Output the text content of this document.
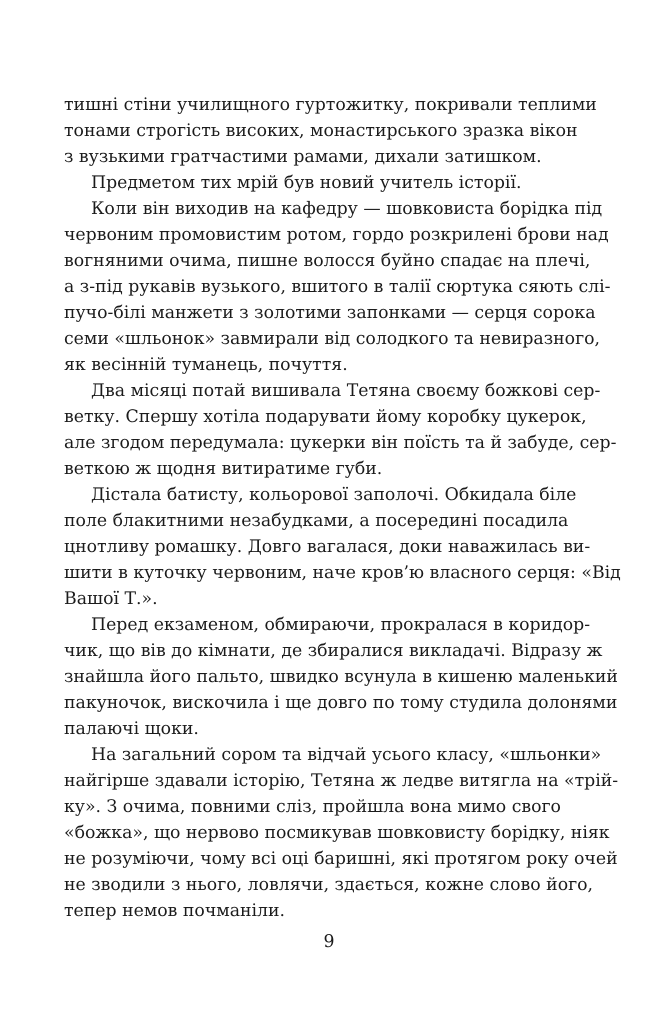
тишні стіни училищного гуртожитку, покривали теплими
тонами строгість високих, монастирського зразка вікон
з вузькими гратчастими рамами, дихали затишком.
Предметом тих мрій був новий учитель історії.
Коли він виходив на кафедру — шовковиста борідка під
червоним промовистим ротом, гордо розкрилені брови над
вогняними очима, пишне волосся буйно спадає на плечі,
а з-під рукавів вузького, вшитого в талії сюртука сяють слі-
пучо-білі манжети з золотими запонками — серця сорока
семи «шльонок» завмирали від солодкого та невиразного,
як весінній туманець, почуття.
Два місяці потай вишивала Тетяна своєму божкові сер-
ветку. Спершу хотіла подарувати йому коробку цукерок,
але згодом передумала: цукерки він поїсть та й забуде, сер-
веткою ж щодня витиратиме губи.
Дістала батисту, кольорової заполочі. Обкидала біле
поле блакитними незабудками, а посередині посадила
цнотливу ромашку. Довго вагалася, доки наважилась ви-
шити в куточку червоним, наче кров’ю власного серця: «Від
Вашої Т.».
Перед екзаменом, обмираючи, прокралася в коридор-
чик, що вів до кімнати, де збиралися викладачі. Відразу ж
знайшла його пальто, швидко всунула в кишеню маленький
пакуночок, вискочила і ще довго по тому студила долонями
палаючі щоки.
На загальний сором та відчай усього класу, «шльонки»
найгірше здавали історію, Тетяна ж ледве витягла на «трій-
ку». З очима, повними сліз, пройшла вона мимо свого
«божка», що нервово посмикував шовковисту борідку, ніяк
не розуміючи, чому всі оці баришні, які протягом року очей
не зводили з нього, ловлячи, здається, кожне слово його,
тепер немов почманіли.
9
